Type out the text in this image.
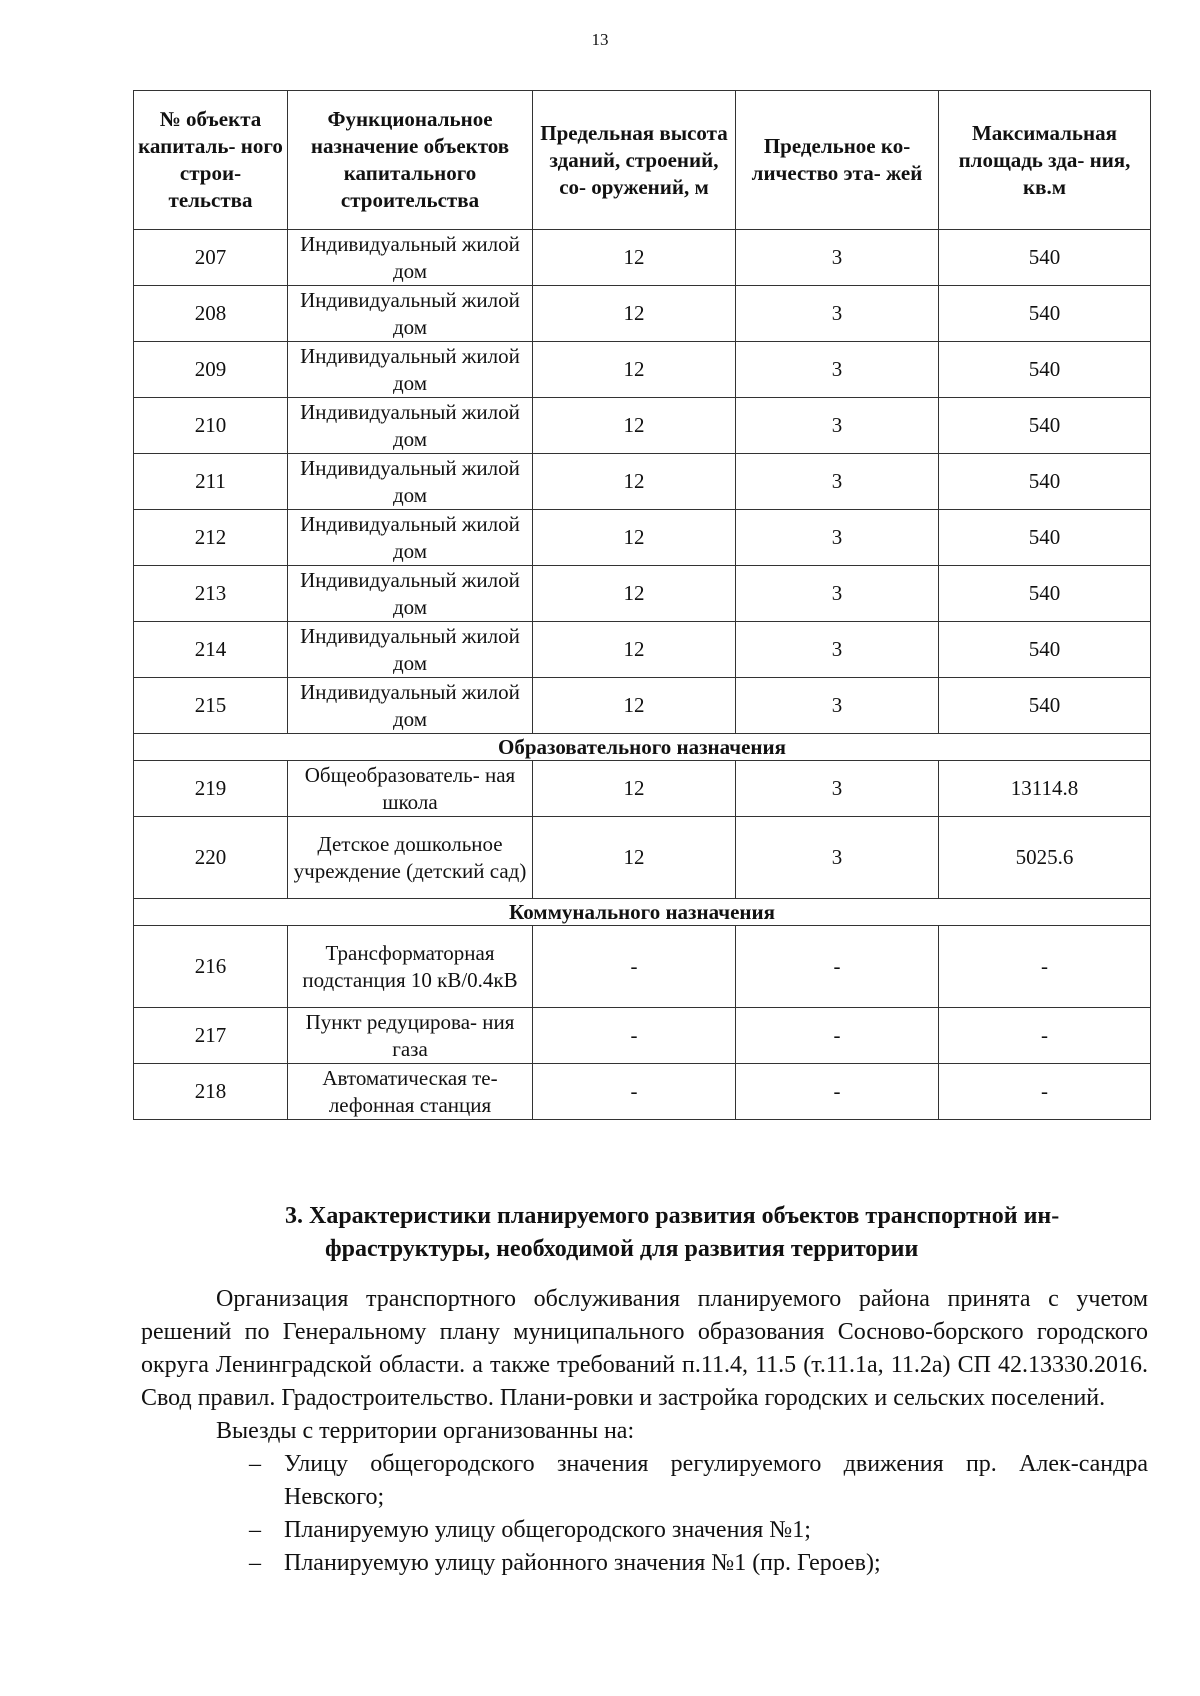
13
№ объекта капиталь- ного строи- тельства	Функциональное назначение объектов капитального строительства	Предельная высота зданий, строений, со- оружений, м	Предельное ко- личество эта- жей	Максимальная площадь зда- ния, кв.м
207	Индивидуальный жилой дом	12	3	540
208	Индивидуальный жилой дом	12	3	540
209	Индивидуальный жилой дом	12	3	540
210	Индивидуальный жилой дом	12	3	540
211	Индивидуальный жилой дом	12	3	540
212	Индивидуальный жилой дом	12	3	540
213	Индивидуальный жилой дом	12	3	540
214	Индивидуальный жилой дом	12	3	540
215	Индивидуальный жилой дом	12	3	540
Образовательного назначения				
219	Общеобразователь- ная школа	12	3	13114.8
220	Детское дошкольное учреждение (детский сад)	12	3	5025.6
Коммунального назначения				
216	Трансформаторная подстанция 10 кВ/0.4кВ	-	-	-
217	Пункт редуцирова- ния газа	-	-	-
218	Автоматическая те- лефонная станция	-	-	-
3. Характеристики планируемого развития объектов транспортной ин-
фраструктуры, необходимой для развития территории

Организация транспортного обслуживания планируемого района принята с учетом решений по Генеральному плану муниципального образования Сосново-борского городского округа Ленинградской области. а также требований п.11.4, 11.5 (т.11.1а, 11.2а) СП 42.13330.2016. Свод правил. Градостроительство. Плани-ровки и застройка городских и сельских поселений.

Выезды с территории организованны на:

– Улицу общегородского значения регулируемого движения пр. Алек-сандра Невского;
– Планируемую улицу общегородского значения №1;
– Планируемую улицу районного значения №1 (пр. Героев);
